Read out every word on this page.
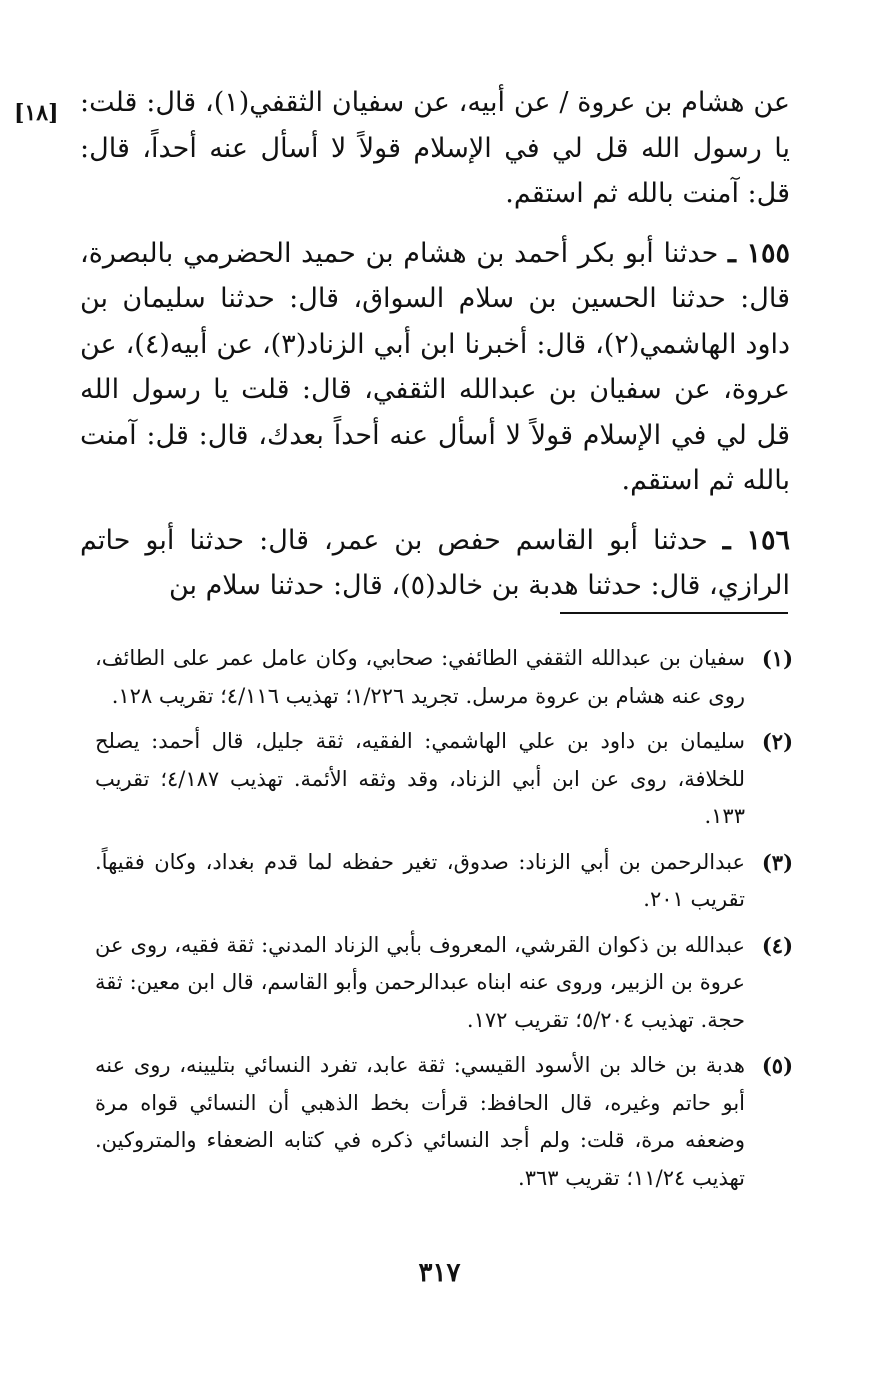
[١٨] عن هشام بن عروة / عن أبيه، عن سفيان الثقفي(١)، قال: قلت: يا رسول الله قل لي في الإسلام قولاً لا أسأل عنه أحداً، قال: قل: آمنت بالله ثم استقم.

١٥٥ ـ حدثنا أبو بكر أحمد بن هشام بن حميد الحضرمي بالبصرة، قال: حدثنا الحسين بن سلام السواق، قال: حدثنا سليمان بن داود الهاشمي(٢)، قال: أخبرنا ابن أبي الزناد(٣)، عن أبيه(٤)، عن عروة، عن سفيان بن عبدالله الثقفي، قال: قلت يا رسول الله قل لي في الإسلام قولاً لا أسأل عنه أحداً بعدك، قال: قل: آمنت بالله ثم استقم.

١٥٦ ـ حدثنا أبو القاسم حفص بن عمر، قال: حدثنا أبو حاتم الرازي، قال: حدثنا هدبة بن خالد(٥)، قال: حدثنا سلام بن

(١)
سفيان بن عبدالله الثقفي الطائفي: صحابي، وكان عامل عمر على الطائف، روى عنه هشام بن عروة مرسل. تجريد ١/٢٢٦؛ تهذيب ٤/١١٦؛ تقريب ١٢٨.
(٢)
سليمان بن داود بن علي الهاشمي: الفقيه، ثقة جليل، قال أحمد: يصلح للخلافة، روى عن ابن أبي الزناد، وقد وثقه الأئمة. تهذيب ٤/١٨٧؛ تقريب ١٣٣.
(٣)
عبدالرحمن بن أبي الزناد: صدوق، تغير حفظه لما قدم بغداد، وكان فقيهاً. تقريب ٢٠١.
(٤)
عبدالله بن ذكوان القرشي، المعروف بأبي الزناد المدني: ثقة فقيه، روى عن عروة بن الزبير، وروى عنه ابناه عبدالرحمن وأبو القاسم، قال ابن معين: ثقة حجة. تهذيب ٥/٢٠٤؛ تقريب ١٧٢.
(٥)
هدبة بن خالد بن الأسود القيسي: ثقة عابد، تفرد النسائي بتليينه، روى عنه أبو حاتم وغيره، قال الحافظ: قرأت بخط الذهبي أن النسائي قواه مرة وضعفه مرة، قلت: ولم أجد النسائي ذكره في كتابه الضعفاء والمتروكين. تهذيب ١١/٢٤؛ تقريب ٣٦٣.
٣١٧
